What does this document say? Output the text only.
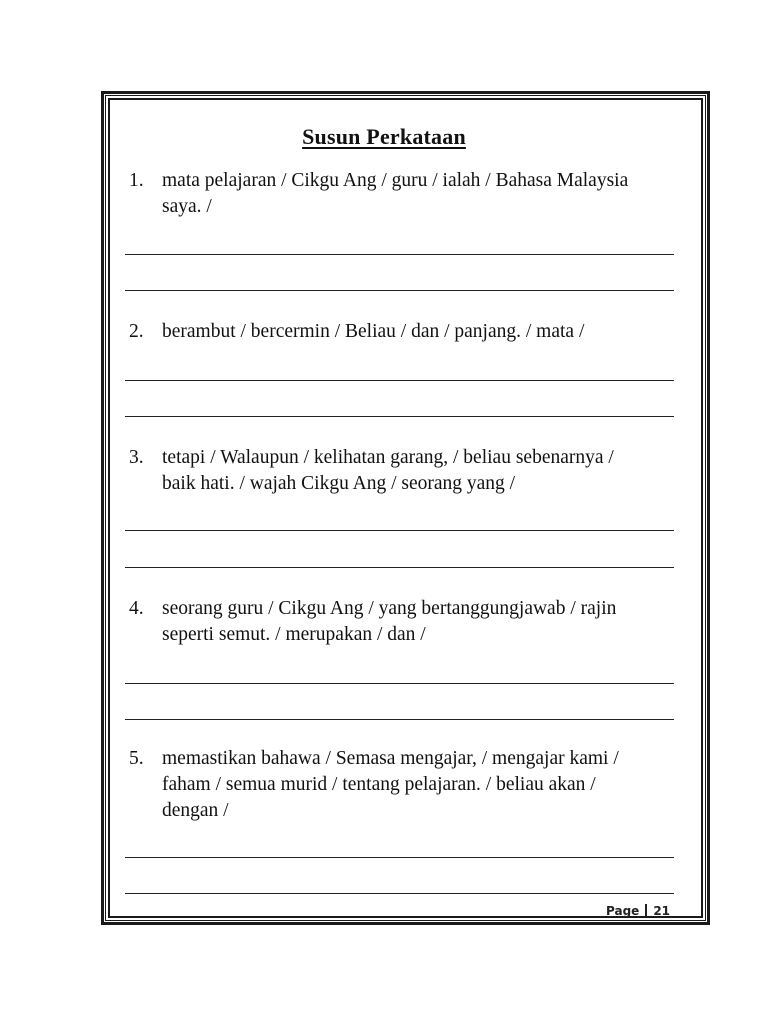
Susun Perkataan
1. mata pelajaran / Cikgu Ang / guru / ialah / Bahasa Malaysia
saya. /
2. berambut / bercermin / Beliau / dan / panjang. / mata /
3. tetapi / Walaupun / kelihatan garang, / beliau sebenarnya /
baik hati. / wajah Cikgu Ang / seorang yang /
4. seorang guru / Cikgu Ang / yang bertanggungjawab / rajin
seperti semut. / merupakan / dan /
5. memastikan bahawa / Semasa mengajar, / mengajar kami /
faham / semua murid / tentang pelajaran. / beliau akan /
dengan /
Page 21
